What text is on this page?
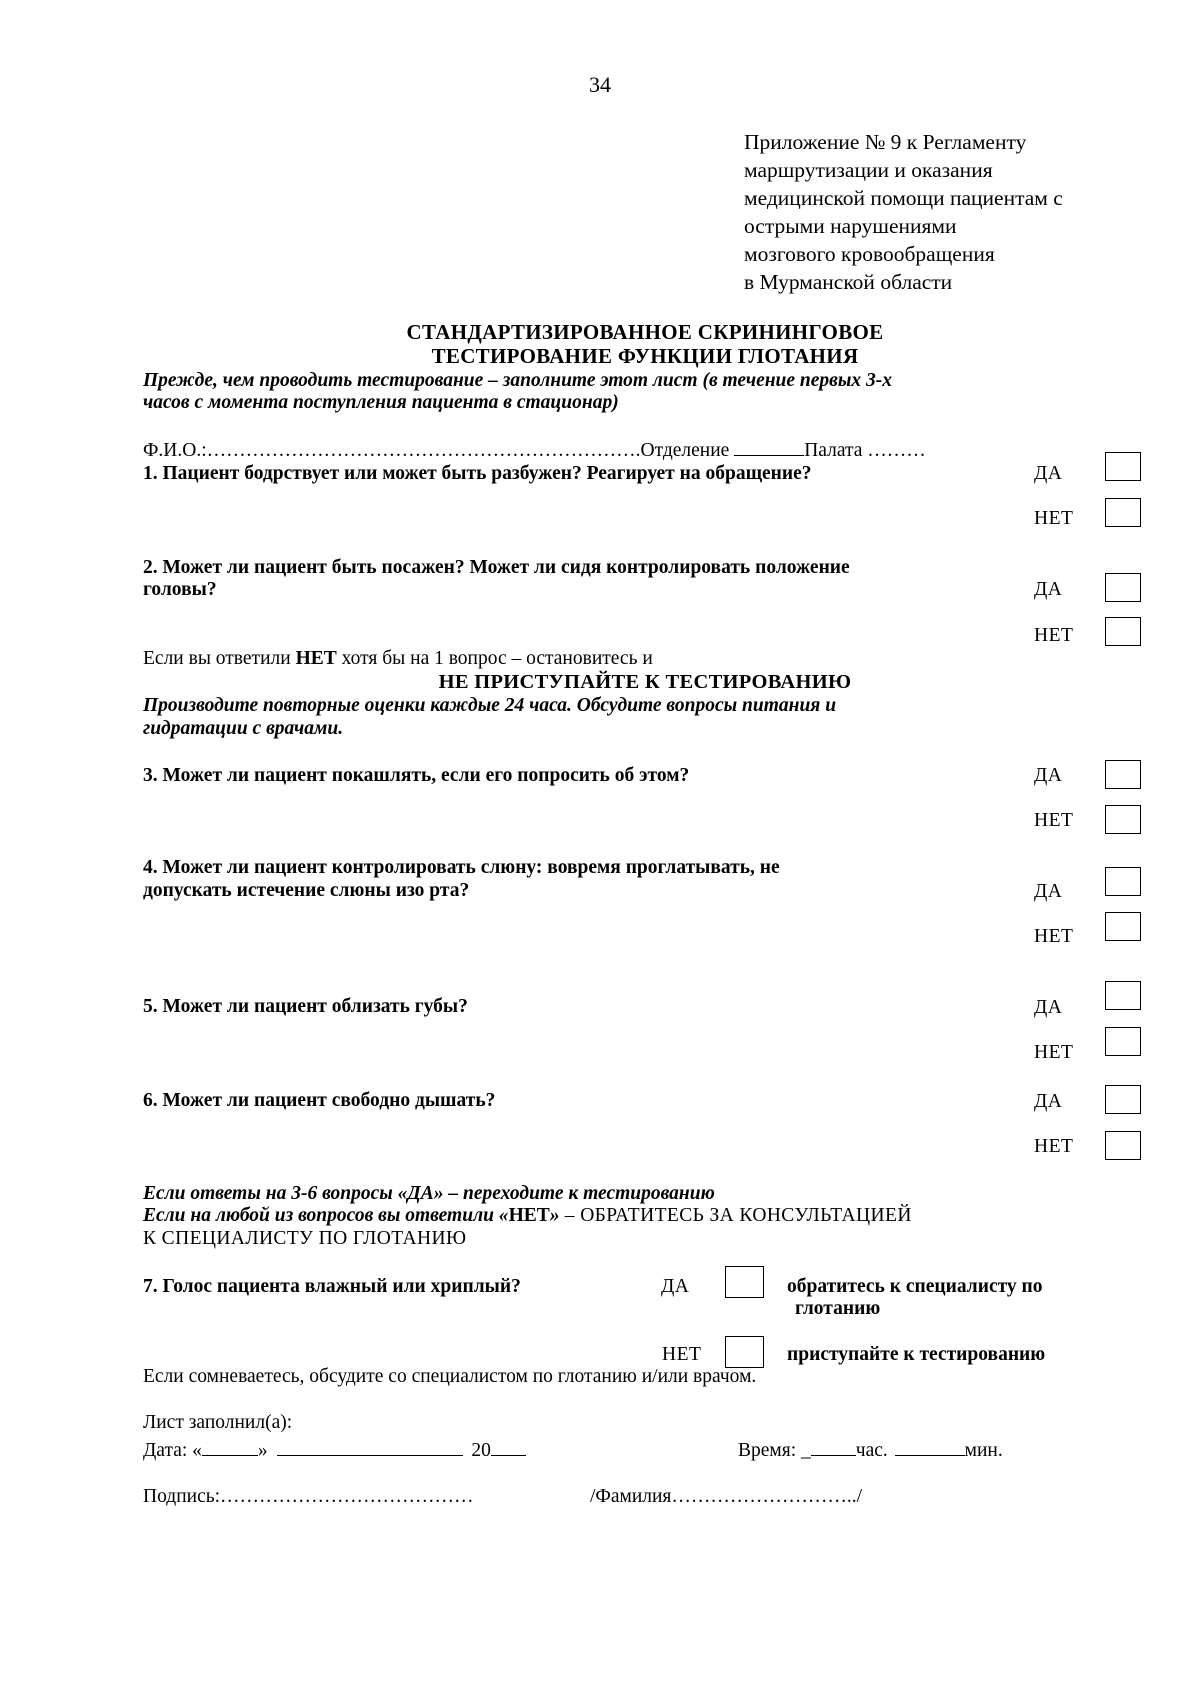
34
Приложение № 9 к Регламенту
маршрутизации и оказания
медицинской помощи пациентам с
острыми нарушениями
мозгового кровообращения
в Мурманской области
СТАНДАРТИЗИРОВАННОЕ СКРИНИНГОВОЕ
ТЕСТИРОВАНИЕ ФУНКЦИИ ГЛОТАНИЯ
Прежде, чем проводить тестирование – заполните этот лист (в течение первых 3-х
часов с момента поступления пациента в стационар)
Ф.И.О.:………………………………………………………….Отделение	Палата ………
1. Пациент бодрствует или может быть разбужен? Реагирует на обращение?	ДА
НЕТ
2. Может ли пациент быть посажен? Может ли сидя контролировать положение
головы?	ДА
НЕТ
Если вы ответили НЕТ хотя бы на 1 вопрос – остановитесь и
НЕ ПРИСТУПАЙТЕ К ТЕСТИРОВАНИЮ
Производите повторные оценки каждые 24 часа. Обсудите вопросы питания и
гидратации с врачами.
3. Может ли пациент покашлять, если его попросить об этом?	ДА
НЕТ
4. Может ли пациент контролировать слюну: вовремя проглатывать, не
допускать истечение слюны изо рта?	ДА
НЕТ
5. Может ли пациент облизать губы?	ДА
НЕТ
6. Может ли пациент свободно дышать?	ДА
НЕТ
Если ответы на 3-6 вопросы «ДА» – переходите к тестированию
Если на любой из вопросов вы ответили «НЕТ» – ОБРАТИТЕСЬ ЗА КОНСУЛЬТАЦИЕЙ
К СПЕЦИАЛИСТУ ПО ГЛОТАНИЮ
7. Голос пациента влажный или хриплый?	ДА	обратитесь к специалисту по
глотанию
НЕТ	приступайте к тестированию
Если сомневаетесь, обсудите со специалистом по глотанию и/или врачом.
Лист заполнил(а):
Дата: «	»	20	Время: _ час.	мин.
Подпись:…………………………………	/Фамилия………………………../
